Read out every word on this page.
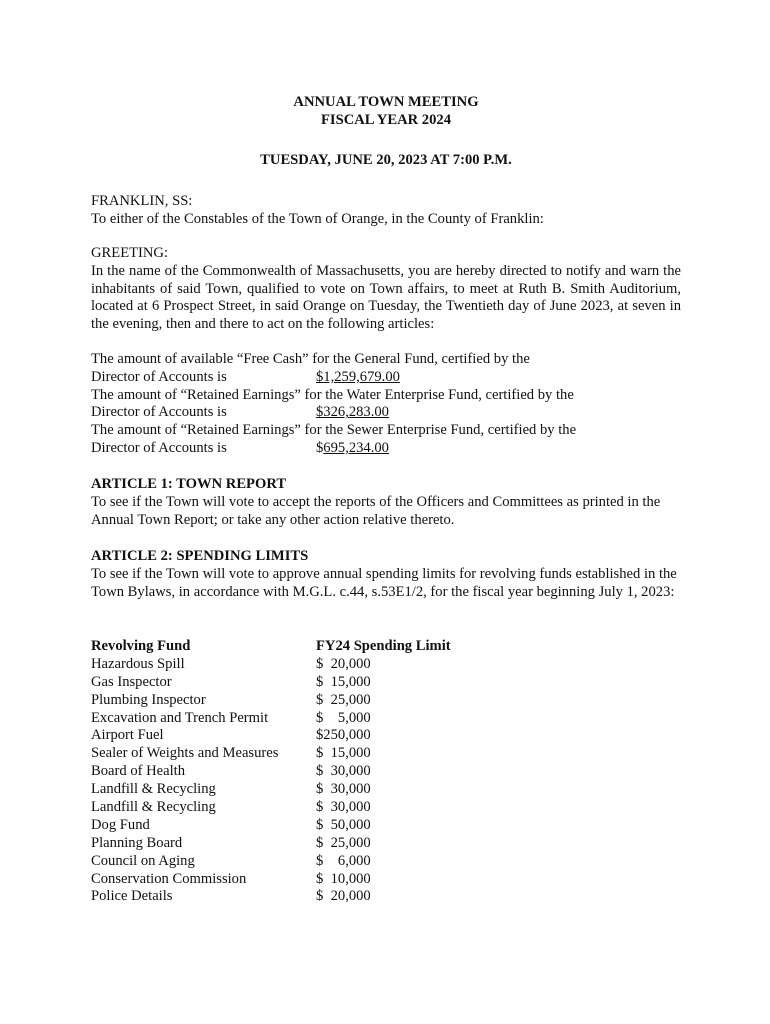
ANNUAL TOWN MEETING

FISCAL YEAR 2024

TUESDAY, JUNE 20, 2023 AT 7:00 P.M.

FRANKLIN, SS:

To either of the Constables of the Town of Orange, in the County of Franklin:

GREETING:

In the name of the Commonwealth of Massachusetts, you are hereby directed to notify and warn the inhabitants of said Town, qualified to vote on Town affairs, to meet at Ruth B. Smith Auditorium, located at 6 Prospect Street, in said Orange on Tuesday, the Twentieth day of June 2023, at seven in the evening, then and there to act on the following articles:

The amount of available “Free Cash” for the General Fund, certified by the
Director of Accounts is	$1,259,679.00
The amount of “Retained Earnings” for the Water Enterprise Fund, certified by the
Director of Accounts is	$326,283.00
The amount of “Retained Earnings” for the Sewer Enterprise Fund, certified by the
Director of Accounts is	$695,234.00

ARTICLE 1: TOWN REPORT

To see if the Town will vote to accept the reports of the Officers and Committees as printed in the Annual Town Report; or take any other action relative thereto.

ARTICLE 2: SPENDING LIMITS

To see if the Town will vote to approve annual spending limits for revolving funds established in the Town Bylaws, in accordance with M.G.L. c.44, s.53E1/2, for the fiscal year beginning July 1, 2023:

Revolving Fund	FY24 Spending Limit
Hazardous Spill	$  20,000
Gas Inspector	$  15,000
Plumbing Inspector	$  25,000
Excavation and Trench Permit	$    5,000
Airport Fuel	$250,000
Sealer of Weights and Measures	$  15,000
Board of Health	$  30,000
Landfill & Recycling	$  30,000
Landfill & Recycling	$  30,000
Dog Fund	$  50,000
Planning Board	$  25,000
Council on Aging	$    6,000
Conservation Commission	$  10,000
Police Details	$  20,000
